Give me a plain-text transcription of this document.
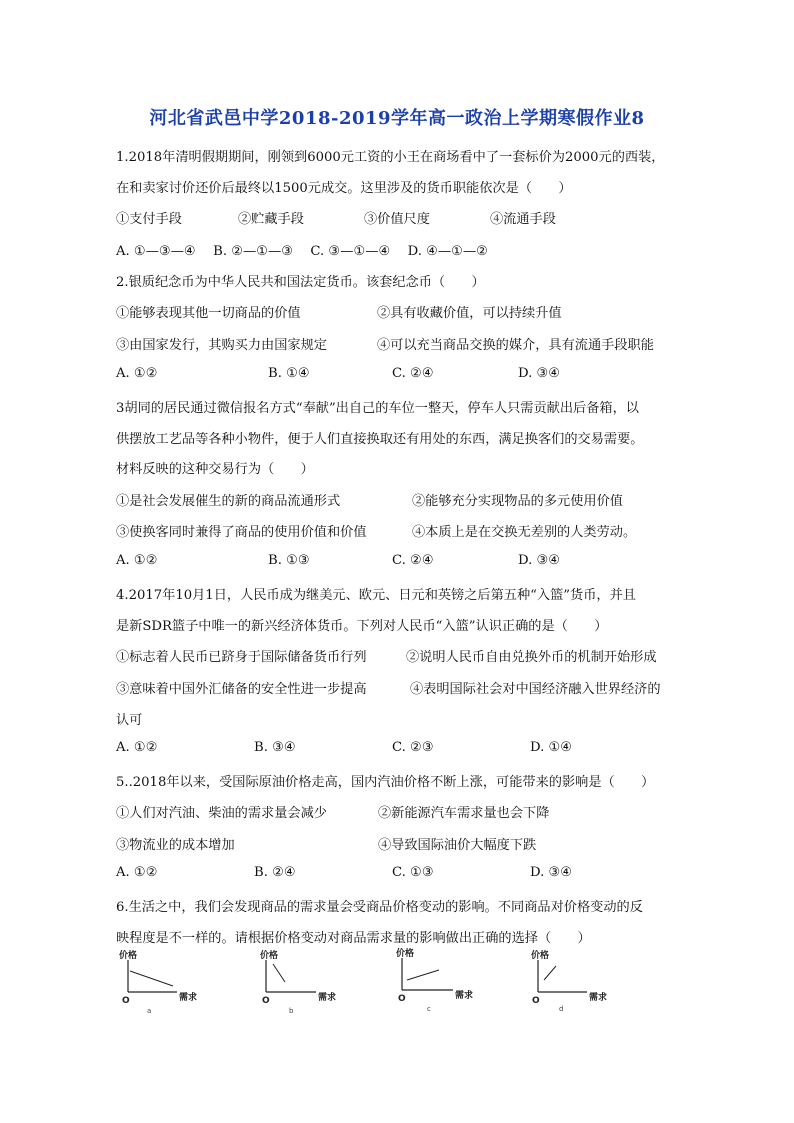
河北省武邑中学2018-2019学年高一政治上学期寒假作业8
1.2018年清明假期期间，刚领到6000元工资的小王在商场看中了一套标价为2000元的西装，
在和卖家讨价还价后最终以1500元成交。这里涉及的货币职能依次是（　　）
①支付手段	②贮藏手段	③价值尺度	④流通手段
A. ①—③—④　 B. ②—①—③　 C. ③—①—④　 D. ④—①—②
2.银质纪念币为中华人民共和国法定货币。该套纪念币（　　）
①能够表现其他一切商品的价值	②具有收藏价值，可以持续升值
③由国家发行，其购买力由国家规定	④可以充当商品交换的媒介，具有流通手段职能
A. ①②	B. ①④	C. ②④	D. ③④
3胡同的居民通过微信报名方式“奉献”出自己的车位一整天，停车人只需贡献出后备箱，以
供摆放工艺品等各种小物件，便于人们直接换取还有用处的东西，满足换客们的交易需要。
材料反映的这种交易行为（　　）
①是社会发展催生的新的商品流通形式	②能够充分实现物品的多元使用价值
③使换客同时兼得了商品的使用价值和价值	④本质上是在交换无差别的人类劳动。
A. ①②	B. ①③	C. ②④	D. ③④
4.2017年10月1日，人民币成为继美元、欧元、日元和英镑之后第五种“入篮”货币，并且
是新SDR篮子中唯一的新兴经济体货币。下列对人民币“入篮”认识正确的是（　　）
①标志着人民币已跻身于国际储备货币行列	②说明人民币自由兑换外币的机制开始形成
③意味着中国外汇储备的安全性进一步提高	④表明国际社会对中国经济融入世界经济的
认可
A. ①②	B. ③④	C. ②③	D. ①④
5..2018年以来，受国际原油价格走高，国内汽油价格不断上涨，可能带来的影响是（　　）
①人们对汽油、柴油的需求量会减少	②新能源汽车需求量也会下降
③物流业的成本增加	④导致国际油价大幅度下跌
A. ①②	B. ②④	C. ①③	D. ③④
6.生活之中，我们会发现商品的需求量会受商品价格变动的影响。不同商品对价格变动的反
映程度是不一样的。请根据价格变动对商品需求量的影响做出正确的选择（　　）
价格
O	需求
a
价格
O	需求
b
价格
O	需求
c
价格
O	需求
d
